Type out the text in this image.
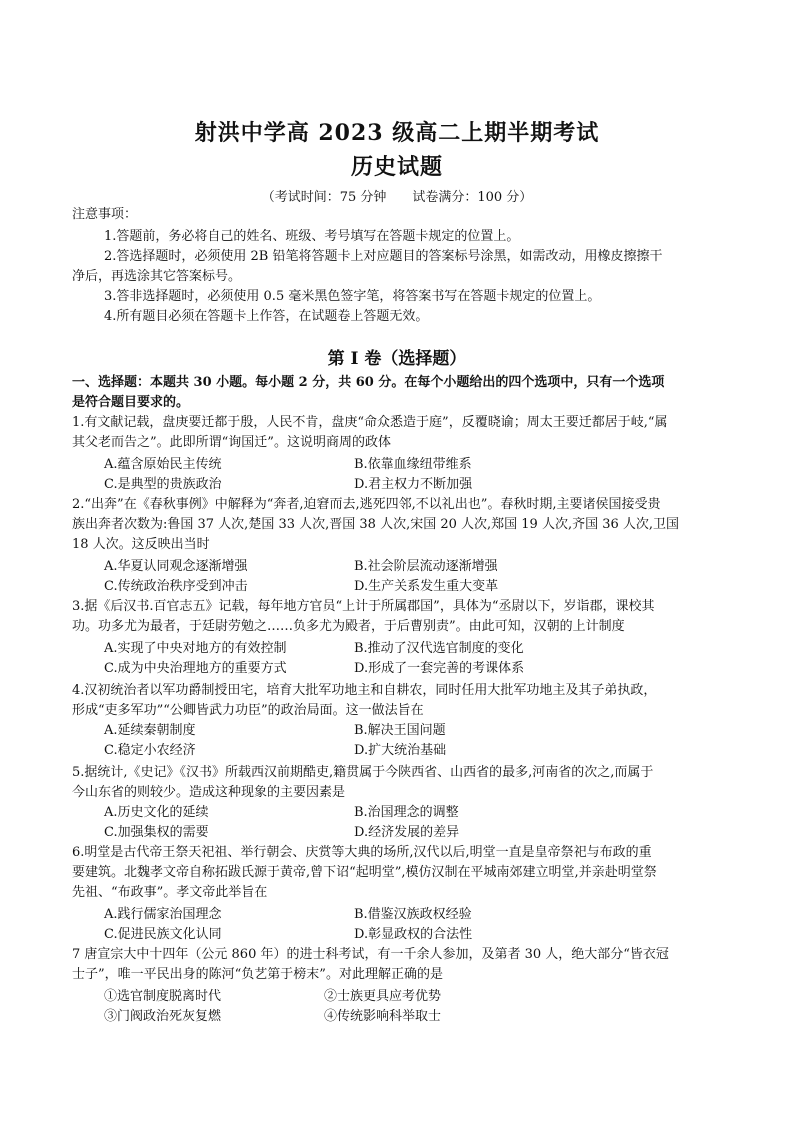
射洪中学高 2023 级高二上期半期考试
历史试题
（考试时间：75 分钟　　试卷满分：100 分）
注意事项：
1.答题前，务必将自己的姓名、班级、考号填写在答题卡规定的位置上。
2.答选择题时，必须使用 2B 铅笔将答题卡上对应题目的答案标号涂黑，如需改动，用橡皮擦擦干
净后，再选涂其它答案标号。
3.答非选择题时，必须使用 0.5 毫米黑色签字笔，将答案书写在答题卡规定的位置上。
4.所有题目必须在答题卡上作答，在试题卷上答题无效。
第 I 卷（选择题）
一、选择题：本题共 30 小题。每小题 2 分，共 60 分。在每个小题给出的四个选项中，只有一个选项
是符合题目要求的。
1.有文献记载，盘庚要迁都于殷，人民不肯，盘庚“命众悉造于庭”，反覆晓谕；周太王要迁都居于岐,“属
其父老而告之”。此即所谓“询国迁”。这说明商周的政体
A.蕴含原始民主传统	B.依靠血缘纽带维系
C.是典型的贵族政治	D.君主权力不断加强
2.“出奔”在《春秋事例》中解释为“奔者,迫窘而去,逃死四邻,不以礼出也”。春秋时期,主要诸侯国接受贵
族出奔者次数为:鲁国 37 人次,楚国 33 人次,晋国 38 人次,宋国 20 人次,郑国 19 人次,齐国 36 人次,卫国
18 人次。这反映出当时
A.华夏认同观念逐渐增强	B.社会阶层流动逐渐增强
C.传统政治秩序受到冲击	D.生产关系发生重大变革
3.据《后汉书.百官志五》记载，每年地方官员“上计于所属郡国”，具体为“丞尉以下，岁诣郡，课校其
功。功多尤为最者，于廷尉劳勉之……负多尤为殿者，于后曹别责”。由此可知，汉朝的上计制度
A.实现了中央对地方的有效控制	B.推动了汉代选官制度的变化
C.成为中央治理地方的重要方式	D.形成了一套完善的考课体系
4.汉初统治者以军功爵制授田宅，培育大批军功地主和自耕农，同时任用大批军功地主及其子弟执政，
形成“吏多军功”“公卿皆武力功臣”的政治局面。这一做法旨在
A.延续秦朝制度	B.解决王国问题
C.稳定小农经济	D.扩大统治基础
5.据统计,《史记》《汉书》所载西汉前期酷吏,籍贯属于今陕西省、山西省的最多,河南省的次之,而属于
今山东省的则较少。造成这种现象的主要因素是
A.历史文化的延续	B.治国理念的调整
C.加强集权的需要	D.经济发展的差异
6.明堂是古代帝王祭天祀祖、举行朝会、庆赏等大典的场所,汉代以后,明堂一直是皇帝祭祀与布政的重
要建筑。北魏孝文帝自称拓跋氏源于黄帝,曾下诏“起明堂”,模仿汉制在平城南郊建立明堂,并亲赴明堂祭
先祖、“布政事”。孝文帝此举旨在
A.践行儒家治国理念	B.借鉴汉族政权经验
C.促进民族文化认同	D.彰显政权的合法性
7 唐宣宗大中十四年（公元 860 年）的进士科考试，有一千余人参加，及第者 30 人，绝大部分“皆衣冠
士子”，唯一平民出身的陈河“负艺第于榜末”。对此理解正确的是
①选官制度脱离时代	②士族更具应考优势
③门阀政治死灰复燃	④传统影响科举取士
